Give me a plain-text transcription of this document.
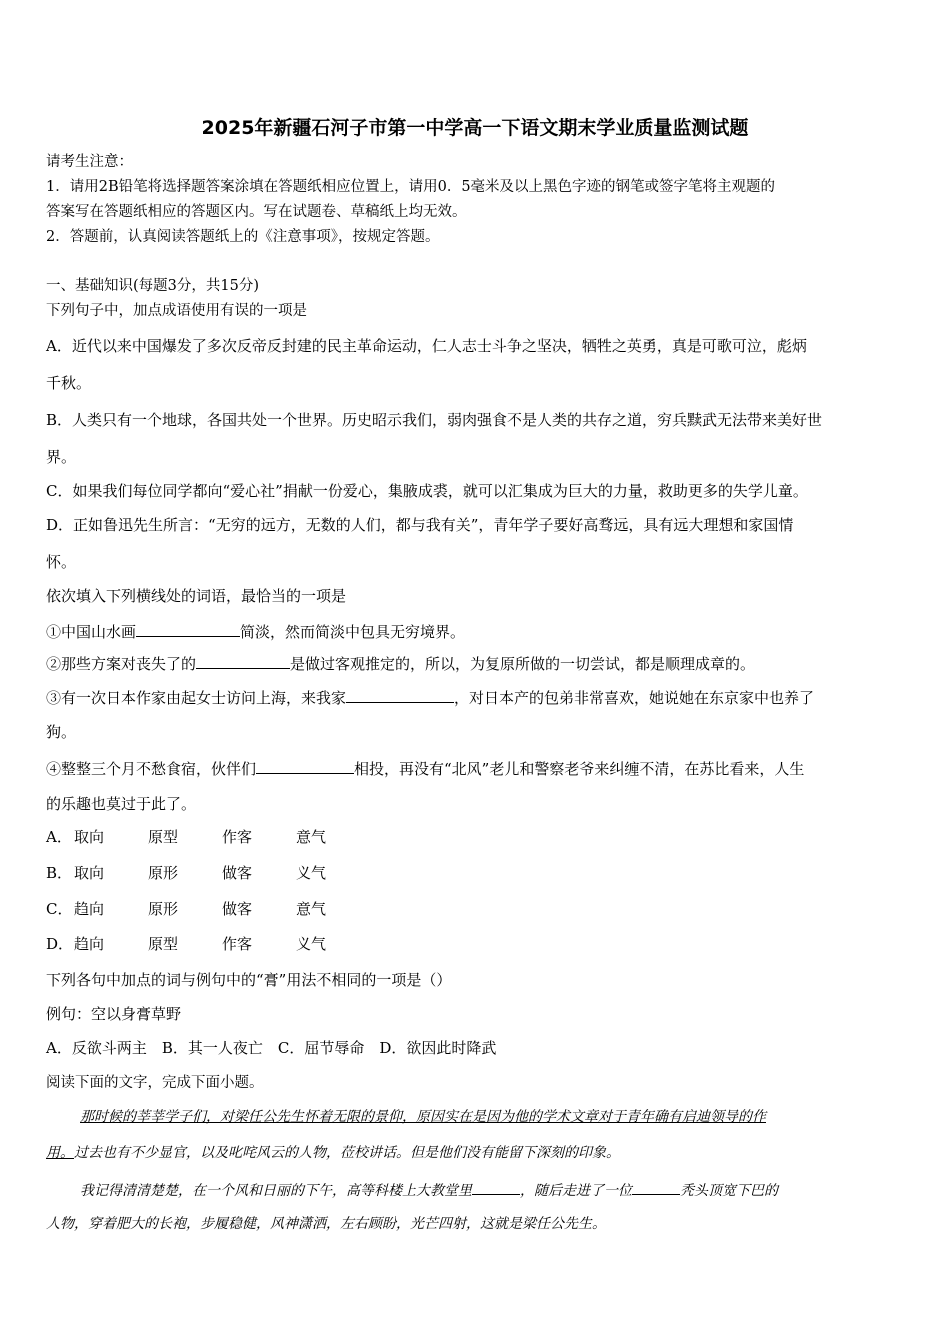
2025年新疆石河子市第一中学高一下语文期末学业质量监测试题
请考生注意：
1．请用2B铅笔将选择题答案涂填在答题纸相应位置上，请用0．5毫米及以上黑色字迹的钢笔或签字笔将主观题的
答案写在答题纸相应的答题区内。写在试题卷、草稿纸上均无效。
2．答题前，认真阅读答题纸上的《注意事项》，按规定答题。
一、基础知识(每题3分，共15分)
下列句子中，加点成语使用有误的一项是
A．近代以来中国爆发了多次反帝反封建的民主革命运动，仁人志士斗争之坚决，牺牲之英勇，真是可歌可泣，彪炳
千秋。
B．人类只有一个地球，各国共处一个世界。历史昭示我们，弱肉强食不是人类的共存之道，穷兵黩武无法带来美好世
界。
C．如果我们每位同学都向“爱心社”捐献一份爱心，集腋成裘，就可以汇集成为巨大的力量，救助更多的失学儿童。
D．正如鲁迅先生所言：“无穷的远方，无数的人们，都与我有关”，青年学子要好高骛远，具有远大理想和家国情
怀。
依次填入下列横线处的词语，最恰当的一项是
①中国山水画	简淡，然而简淡中包具无穷境界。
②那些方案对丧失了的	是做过客观推定的，所以，为复原所做的一切尝试，都是顺理成章的。
③有一次日本作家由起女士访问上海，来我家	，对日本产的包弟非常喜欢，她说她在东京家中也养了
狗。
④整整三个月不愁食宿，伙伴们	相投，再没有“北风”老儿和警察老爷来纠缠不清，在苏比看来，人生
的乐趣也莫过于此了。
A． 取向	原型	作客	意气
B． 取向	原形	做客	义气
C． 趋向	原形	做客	意气
D．趋向	原型	作客	义气
下列各句中加点的词与例句中的“膏”用法不相同的一项是（）
例句：空以身膏草野
A．反欲斗两主　B．其一人夜亡　C．屈节辱命　D．欲因此时降武
阅读下面的文字，完成下面小题。
那时候的莘莘学子们，对梁任公先生怀着无限的景仰，原因实在是因为他的学术文章对于青年确有启迪领导的作
用。过去也有不少显官，以及叱咤风云的人物，莅校讲话。但是他们没有能留下深刻的印象。
我记得清清楚楚，在一个风和日丽的下午，高等科楼上大教堂里	，随后走进了一位	秃头顶宽下巴的
人物，穿着肥大的长袍，步履稳健，风神潇洒，左右顾盼，光芒四射，这就是梁任公先生。
